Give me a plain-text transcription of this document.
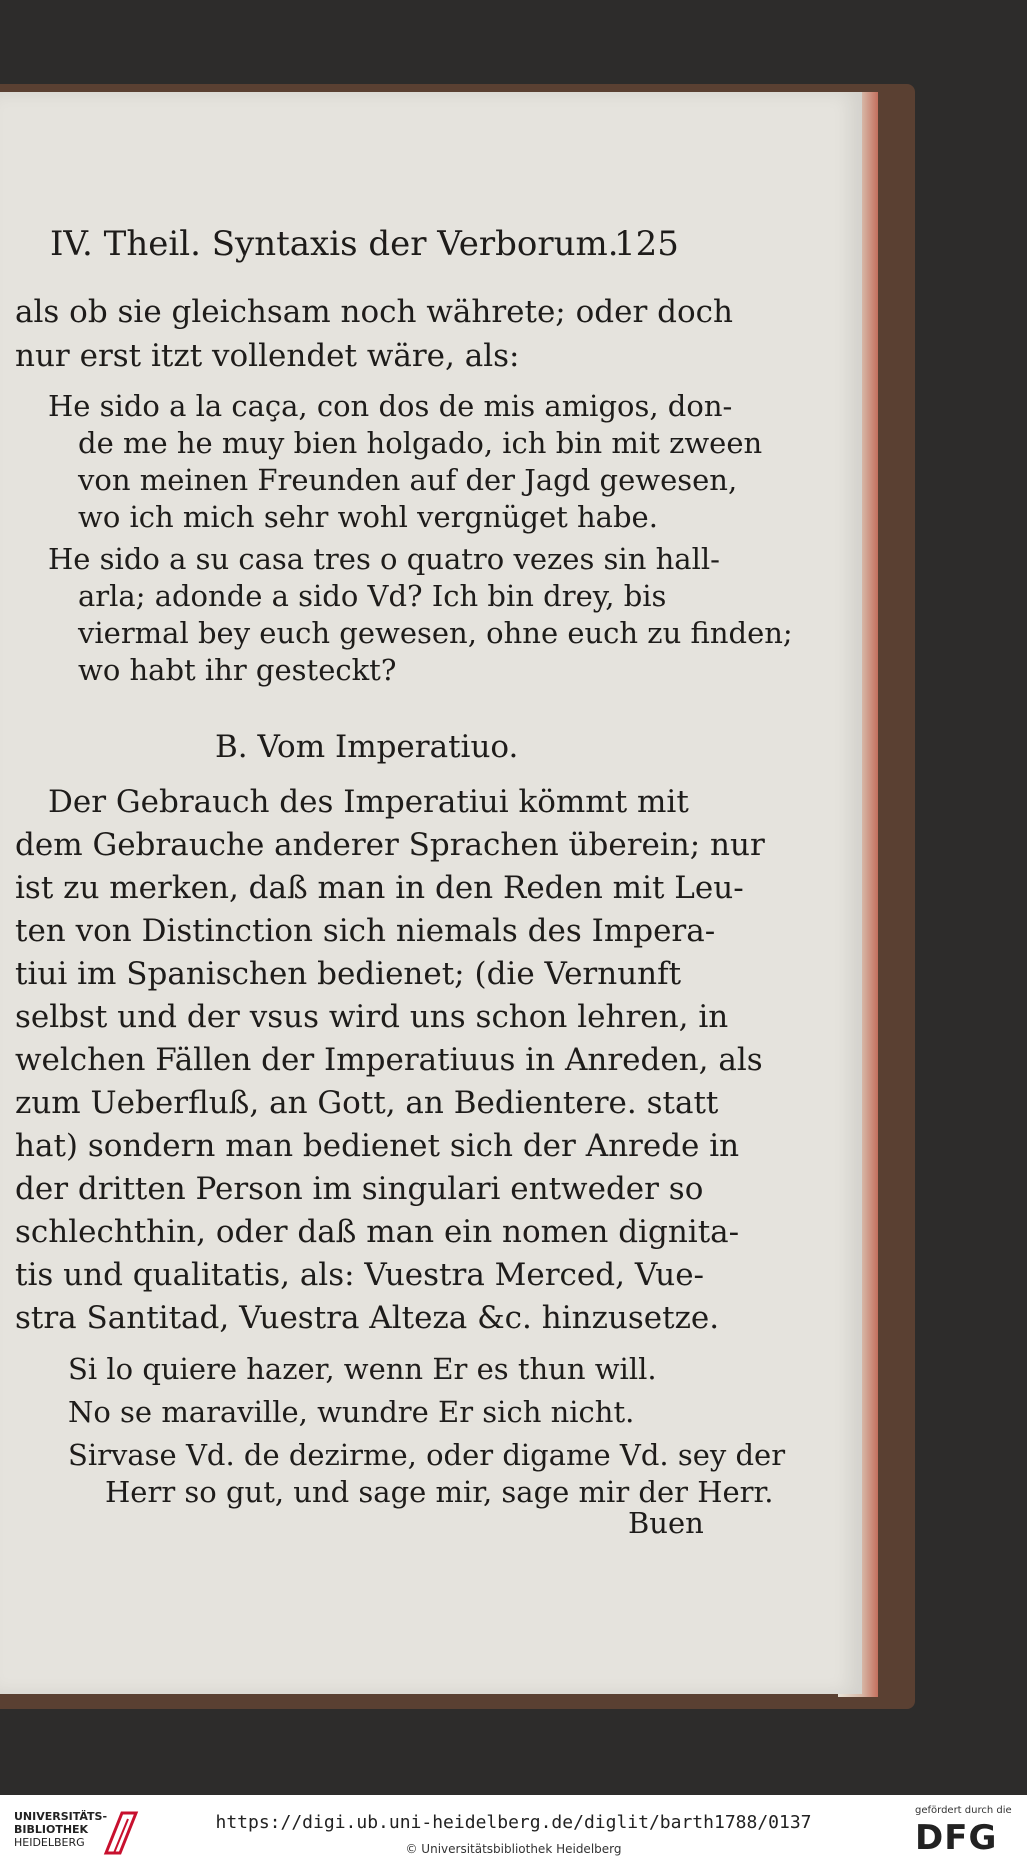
IV. Theil. Syntaxis der Verborum.
125
als ob sie gleichsam noch währete; oder doch
nur erst itzt vollendet wäre, als:
He sido a la caça, con dos de mis amigos, don-
de me he muy bien holgado, ich bin mit zween
von meinen Freunden auf der Jagd gewesen,
wo ich mich sehr wohl vergnüget habe.
He sido a su casa tres o quatro vezes sin hall-
arla; adonde a sido Vd? Ich bin drey, bis
viermal bey euch gewesen, ohne euch zu finden;
wo habt ihr gesteckt?
B. Vom Imperatiuo.
Der Gebrauch des Imperatiui kömmt mit
dem Gebrauche anderer Sprachen überein; nur
ist zu merken, daß man in den Reden mit Leu-
ten von Distinction sich niemals des Impera-
tiui im Spanischen bedienet; (die Vernunft
selbst und der vsus wird uns schon lehren, in
welchen Fällen der Imperatiuus in Anreden, als
zum Ueberfluß, an Gott, an Bedientere. statt
hat) sondern man bedienet sich der Anrede in
der dritten Person im singulari entweder so
schlechthin, oder daß man ein nomen dignita-
tis und qualitatis, als: Vuestra Merced, Vue-
stra Santitad, Vuestra Alteza &c. hinzusetze.
Si lo quiere hazer, wenn Er es thun will.
No se maraville, wundre Er sich nicht.
Sirvase Vd. de dezirme, oder digame Vd. sey der
Herr so gut, und sage mir, sage mir der Herr.
Buen
UNIVERSITÄTS-
BIBLIOTHEK
HEIDELBERG
https://digi.ub.uni-heidelberg.de/diglit/barth1788/0137
© Universitätsbibliothek Heidelberg
gefördert durch die
DFG
